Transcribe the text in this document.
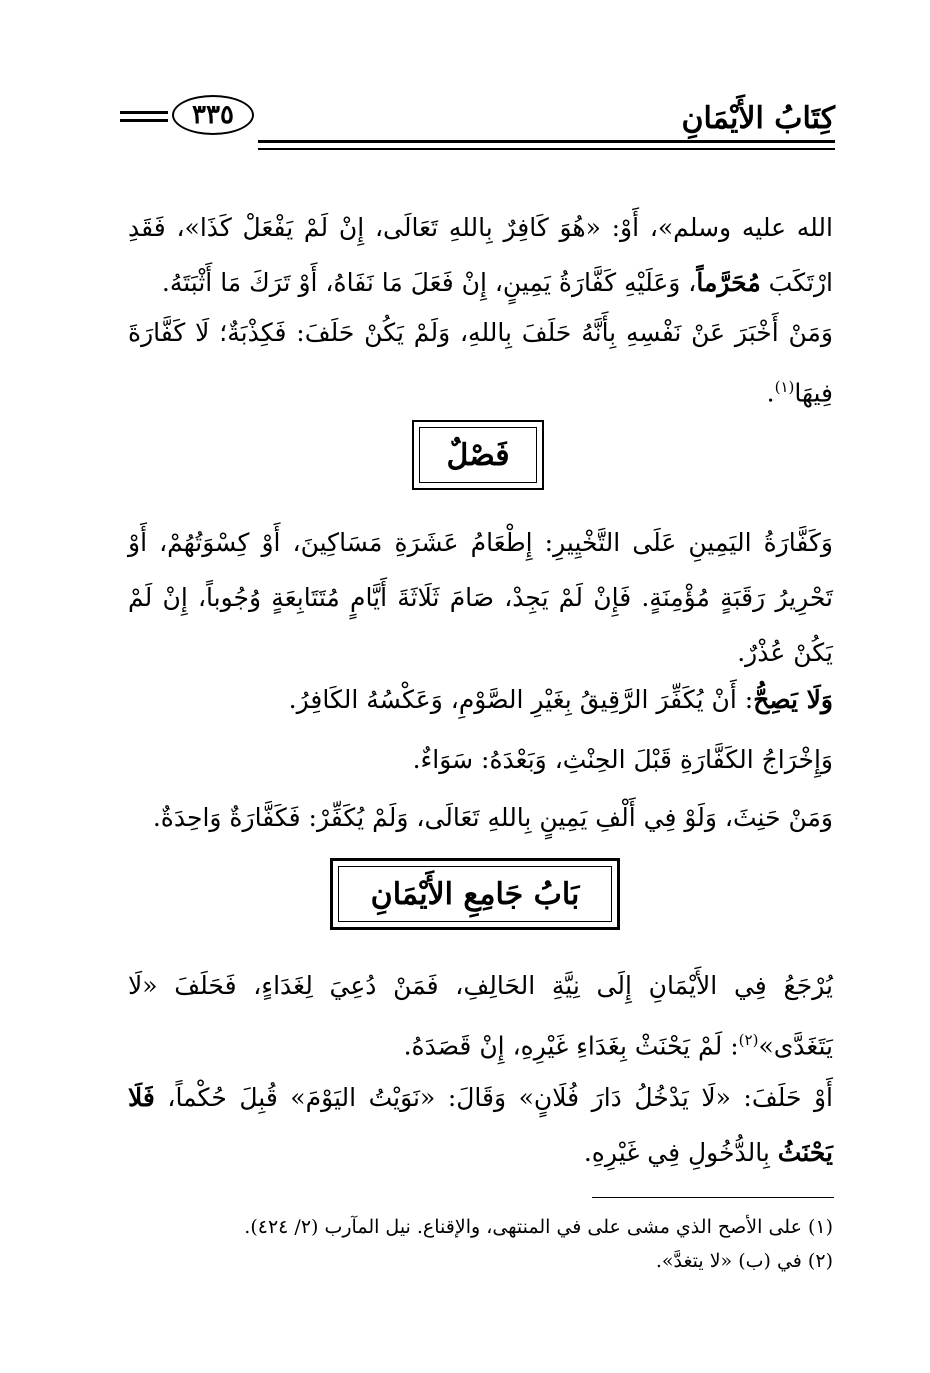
٣٣٥	كِتَابُ الأَيْمَانِ
الله عليه وسلم»، أَوْ: «هُوَ كَافِرٌ بِاللهِ تَعَالَى، إِنْ لَمْ يَفْعَلْ كَذَا»، فَقَدِ ارْتَكَبَ مُحَرَّماً، وَعَلَيْهِ كَفَّارَةُ يَمِينٍ، إِنْ فَعَلَ مَا نَفَاهُ، أَوْ تَرَكَ مَا أَثْبَتَهُ.
وَمَنْ أَخْبَرَ عَنْ نَفْسِهِ بِأَنَّهُ حَلَفَ بِاللهِ، وَلَمْ يَكُنْ حَلَفَ: فَكِذْبَةٌ؛ لَا كَفَّارَةَ فِيهَا$^{(١)}$.
فَصْلٌ
وَكَفَّارَةُ اليَمِينِ عَلَى التَّخْيِيرِ: إِطْعَامُ عَشَرَةِ مَسَاكِينَ، أَوْ كِسْوَتُهُمْ، أَوْ تَحْرِيرُ رَقَبَةٍ مُؤْمِنَةٍ. فَإِنْ لَمْ يَجِدْ، صَامَ ثَلَاثَةَ أَيَّامٍ مُتَتَابِعَةٍ وُجُوباً، إِنْ لَمْ يَكُنْ عُذْرٌ.
وَلَا يَصِحُّ: أَنْ يُكَفِّرَ الرَّقِيقُ بِغَيْرِ الصَّوْمِ، وَعَكْسُهُ الكَافِرُ.
وَإِخْرَاجُ الكَفَّارَةِ قَبْلَ الحِنْثِ، وَبَعْدَهُ: سَوَاءٌ.
وَمَنْ حَنِثَ، وَلَوْ فِي أَلْفِ يَمِينٍ بِاللهِ تَعَالَى، وَلَمْ يُكَفِّرْ: فَكَفَّارَةٌ وَاحِدَةٌ.
بَابُ جَامِعِ الأَيْمَانِ
يُرْجَعُ فِي الأَيْمَانِ إِلَى نِيَّةِ الحَالِفِ، فَمَنْ دُعِيَ لِغَدَاءٍ، فَحَلَفَ «لَا يَتَغَدَّى»$^{(٢)}$: لَمْ يَحْنَثْ بِغَدَاءِ غَيْرِهِ، إِنْ قَصَدَهُ.
أَوْ حَلَفَ: «لَا يَدْخُلُ دَارَ فُلَانٍ» وَقَالَ: «نَوَيْتُ اليَوْمَ» قُبِلَ حُكْماً، فَلَا يَحْنَثُ بِالدُّخُولِ فِي غَيْرِهِ.
(١) على الأصح الذي مشى على في المنتهى، والإقناع. نيل المآرب (٢/ ٤٢٤).
(٢) في (ب) «لا يتغدَّ».
